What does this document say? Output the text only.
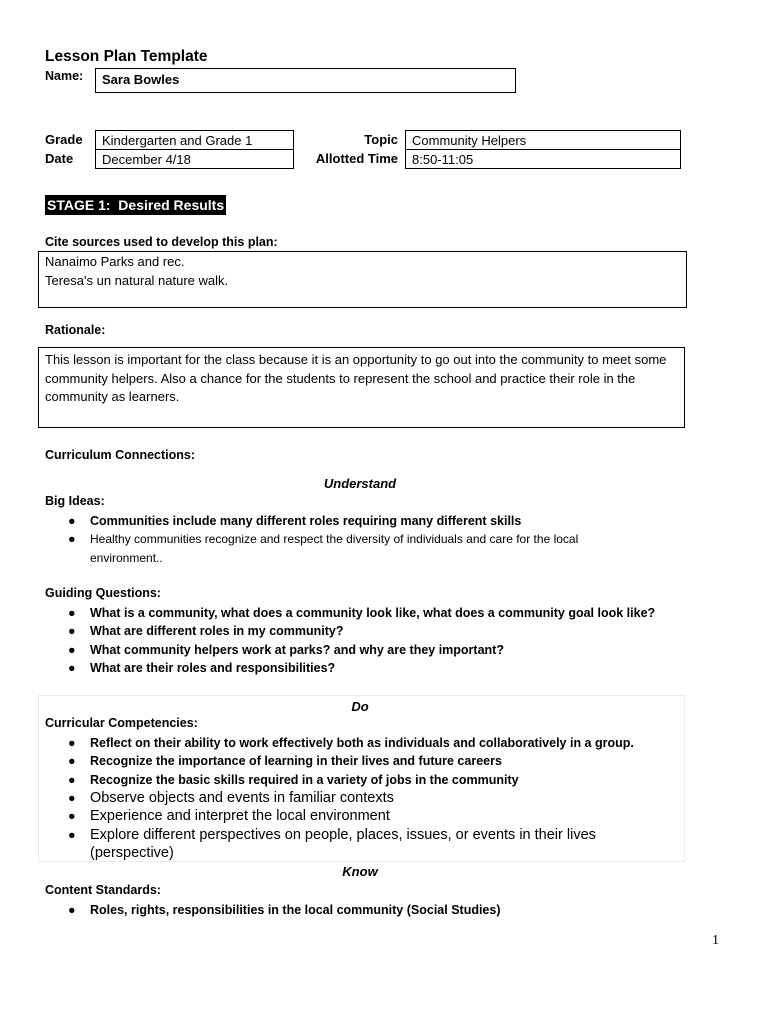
Lesson Plan Template
Name:	Sara Bowles
Grade
Date
Kindergarten and Grade 1
December 4/18
Topic
Allotted Time
Community Helpers
8:50-11:05
STAGE 1:  Desired Results
Cite sources used to develop this plan:
Nanaimo Parks and rec.
Teresa's un natural nature walk.
Rationale:
This lesson is important for the class because it is an opportunity to go out into the community to meet some community helpers. Also a chance for the students to represent the school and practice their role in the community as learners.
Curriculum Connections:
Understand
Big Ideas:
● Communities include many different roles requiring many different skills
● Healthy communities recognize and respect the diversity of individuals and care for the local environment..
Guiding Questions:
● What is a community, what does a community look like, what does a community goal look like?
● What are different roles in my community?
● What community helpers work at parks? and why are they important?
● What are their roles and responsibilities?
Do
Curricular Competencies:
● Reflect on their ability to work effectively both as individuals and collaboratively in a group.
● Recognize the importance of learning in their lives and future careers
● Recognize the basic skills required in a variety of jobs in the community
● Observe objects and events in familiar contexts
● Experience and interpret the local environment
● Explore different perspectives on people, places, issues, or events in their lives (perspective)
Know
Content Standards:
● Roles, rights, responsibilities in the local community (Social Studies)
1
